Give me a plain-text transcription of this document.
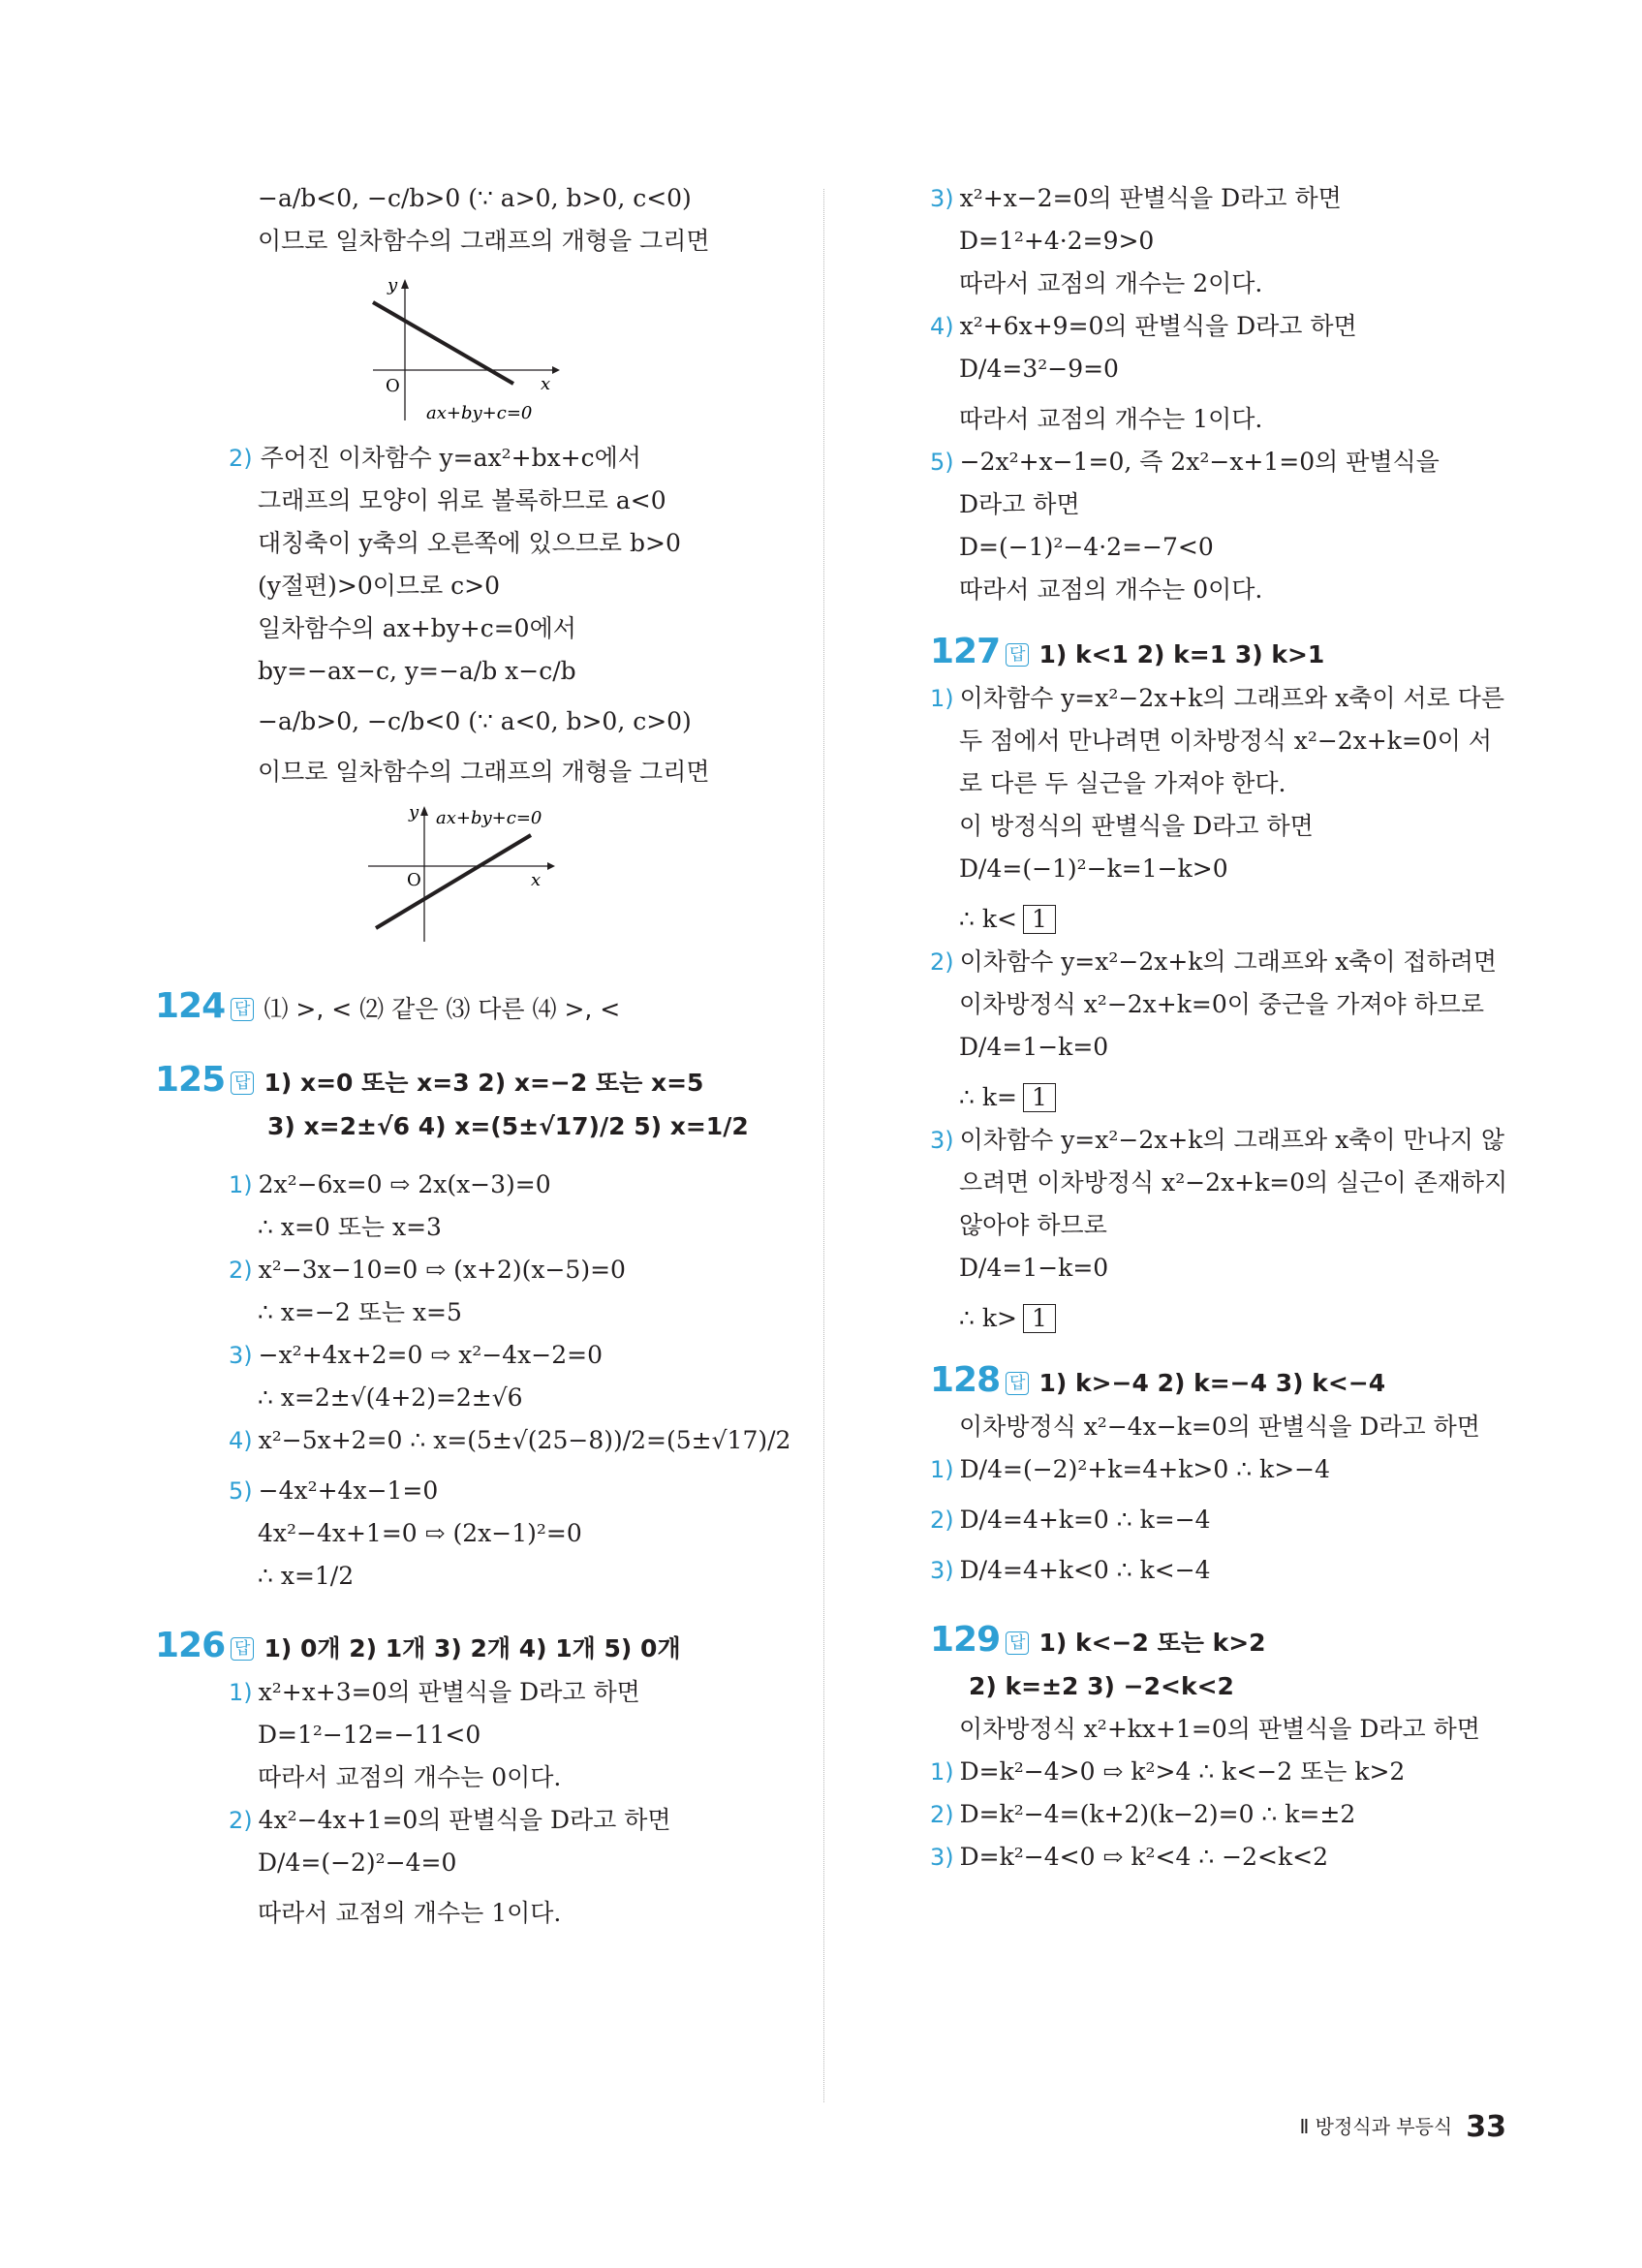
−a/b<0, −c/b>0 (∵ a>0, b>0, c<0)
이므로 일차함수의 그래프의 개형을 그리면
y
x
O
ax+by+c=0
2) 주어진 이차함수 y=ax²+bx+c에서
그래프의 모양이 위로 볼록하므로 a<0
대칭축이 y축의 오른쪽에 있으므로 b>0
(y절편)>0이므로 c>0
일차함수의 ax+by+c=0에서
by=−ax−c, y=−a/b x−c/b
−a/b>0, −c/b<0 (∵ a<0, b>0, c>0)
이므로 일차함수의 그래프의 개형을 그리면
y ax+by+c=0
x
O
124 답 ⑴ >, < ⑵ 같은 ⑶ 다른 ⑷ >, <
125 답 1) x=0 또는 x=3 2) x=−2 또는 x=5
3) x=2±√6 4) x=(5±√17)/2 5) x=1/2
1) 2x²−6x=0 ⇨ 2x(x−3)=0
∴ x=0 또는 x=3
2) x²−3x−10=0 ⇨ (x+2)(x−5)=0
∴ x=−2 또는 x=5
3) −x²+4x+2=0 ⇨ x²−4x−2=0
∴ x=2±√(4+2)=2±√6
4) x²−5x+2=0 ∴ x=(5±√(25−8))/2=(5±√17)/2
5) −4x²+4x−1=0
4x²−4x+1=0 ⇨ (2x−1)²=0
∴ x=1/2
126 답 1) 0개 2) 1개 3) 2개 4) 1개 5) 0개
1) x²+x+3=0의 판별식을 D라고 하면
D=1²−12=−11<0
따라서 교점의 개수는 0이다.
2) 4x²−4x+1=0의 판별식을 D라고 하면
D/4=(−2)²−4=0
따라서 교점의 개수는 1이다.
3) x²+x−2=0의 판별식을 D라고 하면
D=1²+4·2=9>0
따라서 교점의 개수는 2이다.
4) x²+6x+9=0의 판별식을 D라고 하면
D/4=3²−9=0
따라서 교점의 개수는 1이다.
5) −2x²+x−1=0, 즉 2x²−x+1=0의 판별식을
D라고 하면
D=(−1)²−4·2=−7<0
따라서 교점의 개수는 0이다.
127 답 1) k<1 2) k=1 3) k>1
1) 이차함수 y=x²−2x+k의 그래프와 x축이 서로 다른
두 점에서 만나려면 이차방정식 x²−2x+k=0이 서
로 다른 두 실근을 가져야 한다.
이 방정식의 판별식을 D라고 하면
D/4=(−1)²−k=1−k>0
∴ k< 1
2) 이차함수 y=x²−2x+k의 그래프와 x축이 접하려면
이차방정식 x²−2x+k=0이 중근을 가져야 하므로
D/4=1−k=0
∴ k= 1
3) 이차함수 y=x²−2x+k의 그래프와 x축이 만나지 않
으려면 이차방정식 x²−2x+k=0의 실근이 존재하지
않아야 하므로
D/4=1−k=0
∴ k> 1
128 답 1) k>−4 2) k=−4 3) k<−4
이차방정식 x²−4x−k=0의 판별식을 D라고 하면
1) D/4=(−2)²+k=4+k>0 ∴ k>−4
2) D/4=4+k=0 ∴ k=−4
3) D/4=4+k<0 ∴ k<−4
129 답 1) k<−2 또는 k>2
2) k=±2 3) −2<k<2
이차방정식 x²+kx+1=0의 판별식을 D라고 하면
1) D=k²−4>0 ⇨ k²>4 ∴ k<−2 또는 k>2
2) D=k²−4=(k+2)(k−2)=0 ∴ k=±2
3) D=k²−4<0 ⇨ k²<4 ∴ −2<k<2
Ⅱ 방정식과 부등식 33
